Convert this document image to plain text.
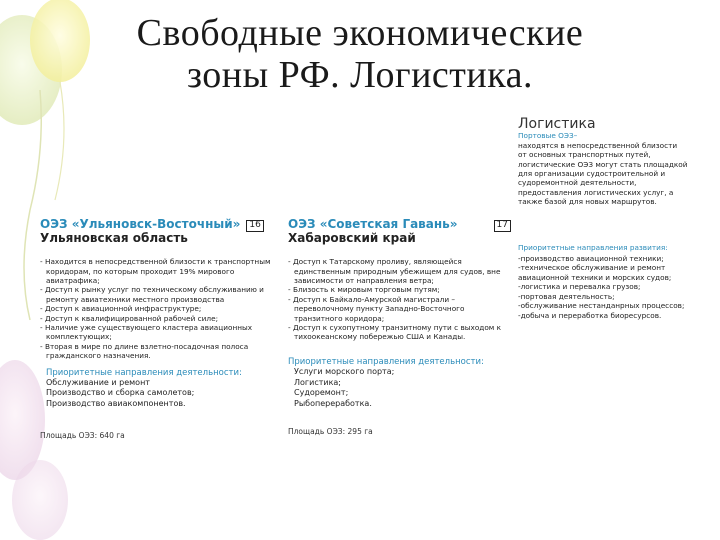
Свободные экономические
зоны РФ. Логистика.
ОЭЗ «Ульяновск-Восточный» 16
Ульяновская область
- Находится в непосредственной близости к транспортным коридорам, по которым проходит 19% мирового авиатрафика;
- Доступ к рынку услуг по техническому обслуживанию и ремонту авиатехники местного производства
- Доступ к авиационной инфраструктуре;
- Доступ к квалифицированной рабочей силе;
- Наличие уже существующего кластера авиационных комплектующих;
- Вторая в мире по длине взлетно-посадочная полоса гражданского назначения.
Приоритетные направления деятельности:
Обслуживание и ремонт
Производство и сборка самолетов;
Производство авиакомпонентов.
Площадь ОЭЗ: 640 га
ОЭЗ «Советская Гавань»	17
Хабаровский край
- Доступ к Татарскому проливу, являющейся единственным природным убежищем для судов, вне зависимости от направления ветра;
- Близость к мировым торговым путям;
- Доступ к Байкало-Амурской магистрали – переволочному пункту Западно-Восточного транзитного коридора;
- Доступ к сухопутному транзитному пути с выходом к тихоокеанскому побережью США и Канады.
Приоритетные направления деятельности:
Услуги морского порта;
Логистика;
Судоремонт;
Рыбопереработка.
Площадь ОЭЗ: 295 га
Логистика
Портовые ОЭЗ–
находятся в непосредственной близости от основных транспортных путей, логистические ОЭЗ могут стать площадкой для организации судостроительной и судоремонтной деятельности, предоставления логистических услуг, а также базой для новых маршрутов.
Приоритетные направления развития:
-производство авиационной техники;
-техническое обслуживание и ремонт авиационной техники и морских судов;
-логистика и перевалка грузов;
-портовая деятельность;
-обслуживание нестанданрных процессов;
-добыча и переработка биоресурсов.
